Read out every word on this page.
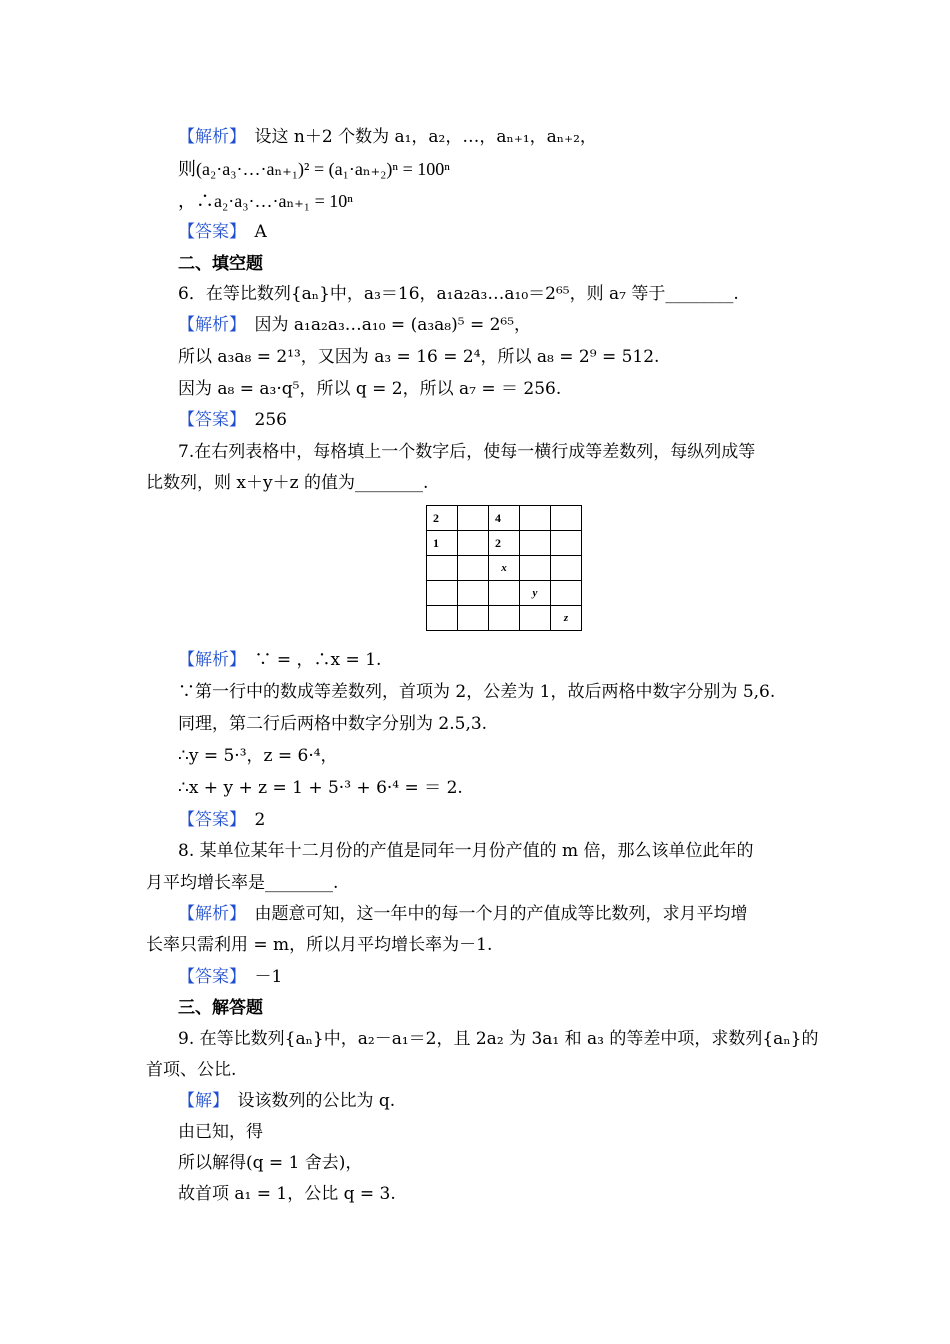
【解析】　设这 n＋2 个数为 a₁，a₂，…，aₙ₊₁，aₙ₊₂，
则(a₂·a₃·…·aₙ₊₁)² = (a₁·aₙ₊₂)ⁿ = 100ⁿ
，∴a₂·a₃·…·aₙ₊₁ = 10ⁿ
【答案】　A
二、填空题
6．在等比数列{aₙ}中，a₃＝16，a₁a₂a₃…a₁₀＝2⁶⁵，则 a₇ 等于________.
【解析】　因为 a₁a₂a₃…a₁₀ = (a₃a₈)⁵ = 2⁶⁵，
所以 a₃a₈ = 2¹³，又因为 a₃ = 16 = 2⁴，所以 a₈ = 2⁹ = 512.
因为 a₈ = a₃·q⁵，所以 q = 2，所以 a₇ = ＝ 256.
【答案】　256
7.在右列表格中，每格填上一个数字后，使每一横行成等差数列，每纵列成等
比数列，则 x＋y＋z 的值为________.
2		4		
1		2		
		x		
			y	
				z
【解析】　∵ = ，∴x = 1.
∵第一行中的数成等差数列，首项为 2，公差为 1，故后两格中数字分别为 5,6.
同理，第二行后两格中数字分别为 2.5,3.
∴y = 5·³，z = 6·⁴，
∴x + y + z = 1 + 5·³ + 6·⁴ = ＝ 2.
【答案】　2
8. 某单位某年十二月份的产值是同年一月份产值的 m 倍，那么该单位此年的
月平均增长率是________.
【解析】　由题意可知，这一年中的每一个月的产值成等比数列，求月平均增
长率只需利用 = m，所以月平均增长率为－1.
【答案】　－1
三、解答题
9. 在等比数列{aₙ}中，a₂－a₁＝2，且 2a₂ 为 3a₁ 和 a₃ 的等差中项，求数列{aₙ}的
首项、公比.
【解】　设该数列的公比为 q.
由已知，得
所以解得(q = 1 舍去)，
故首项 a₁ = 1，公比 q = 3.
